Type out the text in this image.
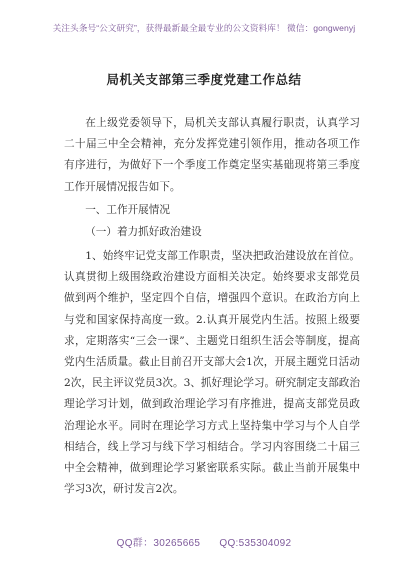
关注头条号“公文研究”，获得最新最全最专业的公文资料库！ 微信：gongwenyj
局机关支部第三季度党建工作总结
在上级党委领导下，局机关支部认真履行职责，认真学习二十届三中全会精神，充分发挥党建引领作用，推动各项工作有序进行，为做好下一个季度工作奠定坚实基础现将第三季度工作开展情况报告如下。
一、工作开展情况
（一）着力抓好政治建设
1、始终牢记党支部工作职责，坚决把政治建设放在首位。认真贯彻上级围绕政治建设方面相关决定。始终要求支部党员做到两个维护，坚定四个自信，增强四个意识。在政治方向上与党和国家保持高度一致。2.认真开展党内生活。按照上级要求，定期落实“三会一课”、主题党日组织生活会等制度，提高党内生活质量。截止目前召开支部大会1次，开展主题党日活动2次，民主评议党员3次。3、抓好理论学习。研究制定支部政治理论学习计划，做到政治理论学习有序推进，提高支部党员政治理论水平。同时在理论学习方式上坚持集中学习与个人自学相结合，线上学习与线下学习相结合。学习内容围绕二十届三中全会精神，做到理论学习紧密联系实际。截止当前开展集中学习3次，研讨发言2次。
QQ群：30265665 QQ:535304092
